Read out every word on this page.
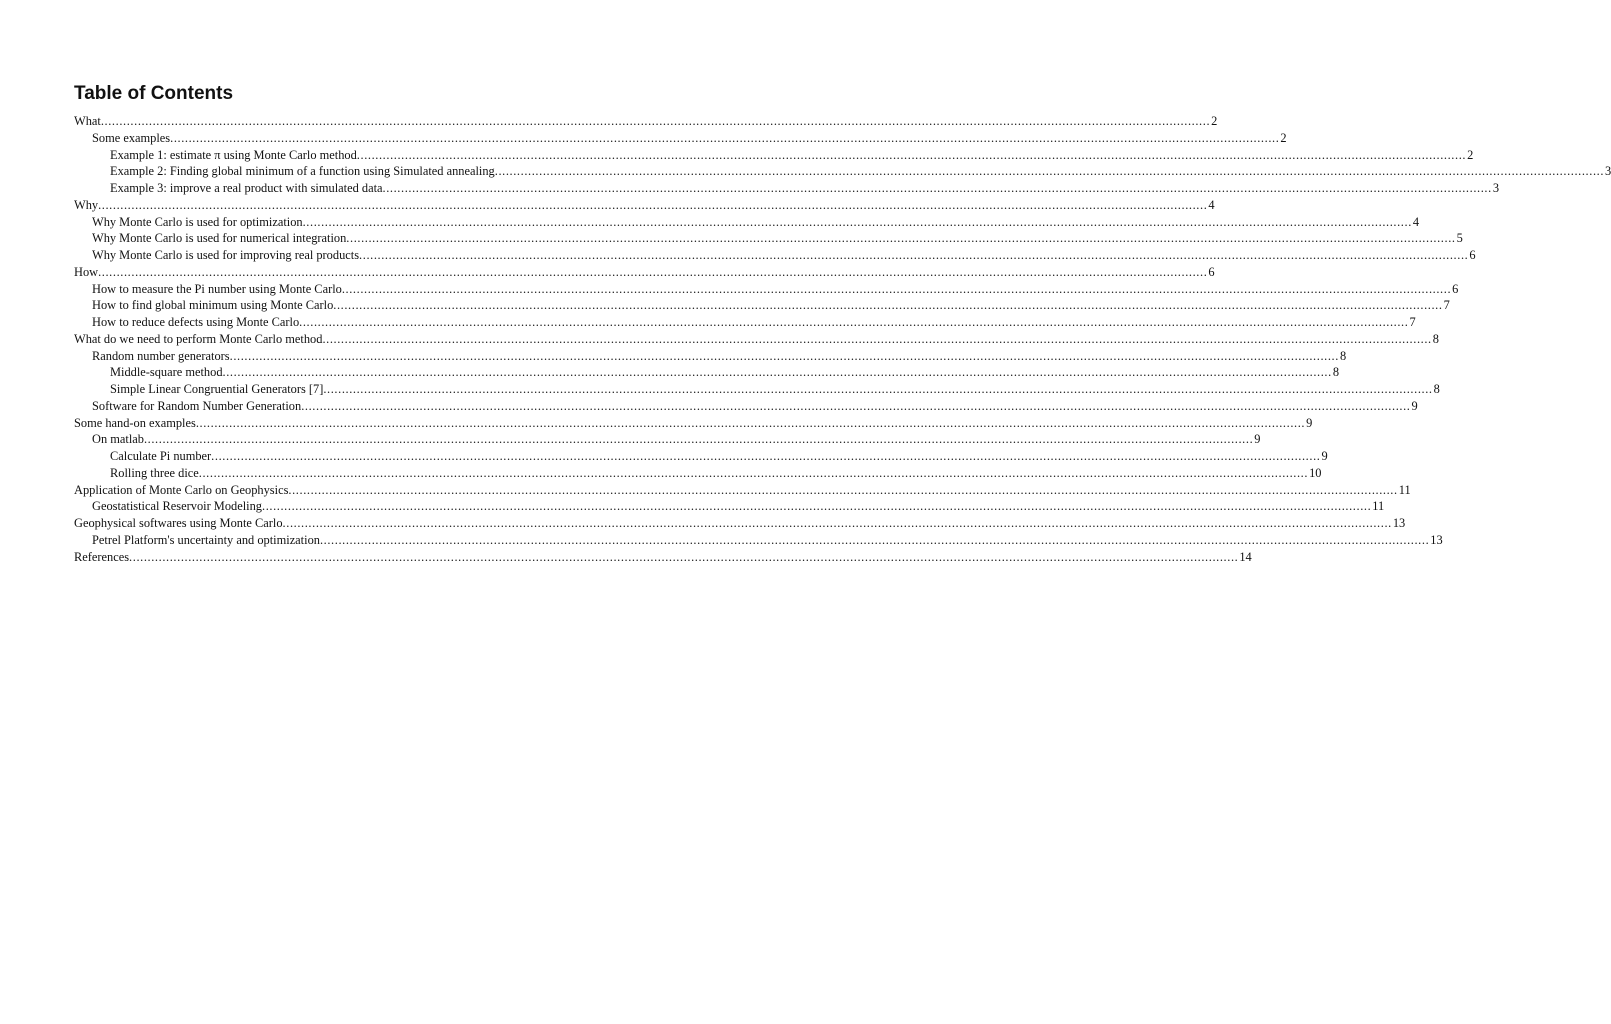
Table of Contents
What ............................................................................................................................................................................................................................................................................................................ 2
Some examples ............................................................................................................................................................................................................................................................................................................ 2
Example 1: estimate π using Monte Carlo method ............................................................................................................................................................................................................................................................................................................ 2
Example 2: Finding global minimum of a function using Simulated annealing ............................................................................................................................................................................................................................................................................................................ 3
Example 3: improve a real product with simulated data ............................................................................................................................................................................................................................................................................................................ 3
Why ............................................................................................................................................................................................................................................................................................................ 4
Why Monte Carlo is used for optimization ............................................................................................................................................................................................................................................................................................................ 4
Why Monte Carlo is used for numerical integration ............................................................................................................................................................................................................................................................................................................ 5
Why Monte Carlo is used for improving real products ............................................................................................................................................................................................................................................................................................................ 6
How ............................................................................................................................................................................................................................................................................................................ 6
How to measure the Pi number using Monte Carlo ............................................................................................................................................................................................................................................................................................................ 6
How to find global minimum using Monte Carlo ............................................................................................................................................................................................................................................................................................................ 7
How to reduce defects using Monte Carlo ............................................................................................................................................................................................................................................................................................................ 7
What do we need to perform Monte Carlo method ............................................................................................................................................................................................................................................................................................................ 8
Random number generators ............................................................................................................................................................................................................................................................................................................ 8
Middle-square method ............................................................................................................................................................................................................................................................................................................ 8
Simple Linear Congruential Generators [7] ............................................................................................................................................................................................................................................................................................................ 8
Software for Random Number Generation ............................................................................................................................................................................................................................................................................................................ 9
Some hand-on examples ............................................................................................................................................................................................................................................................................................................ 9
On matlab ............................................................................................................................................................................................................................................................................................................ 9
Calculate Pi number ............................................................................................................................................................................................................................................................................................................ 9
Rolling three dice ............................................................................................................................................................................................................................................................................................................ 10
Application of Monte Carlo on Geophysics ............................................................................................................................................................................................................................................................................................................ 11
Geostatistical Reservoir Modeling ............................................................................................................................................................................................................................................................................................................ 11
Geophysical softwares using Monte Carlo ............................................................................................................................................................................................................................................................................................................ 13
Petrel Platform's uncertainty and optimization ............................................................................................................................................................................................................................................................................................................ 13
References ............................................................................................................................................................................................................................................................................................................ 14
